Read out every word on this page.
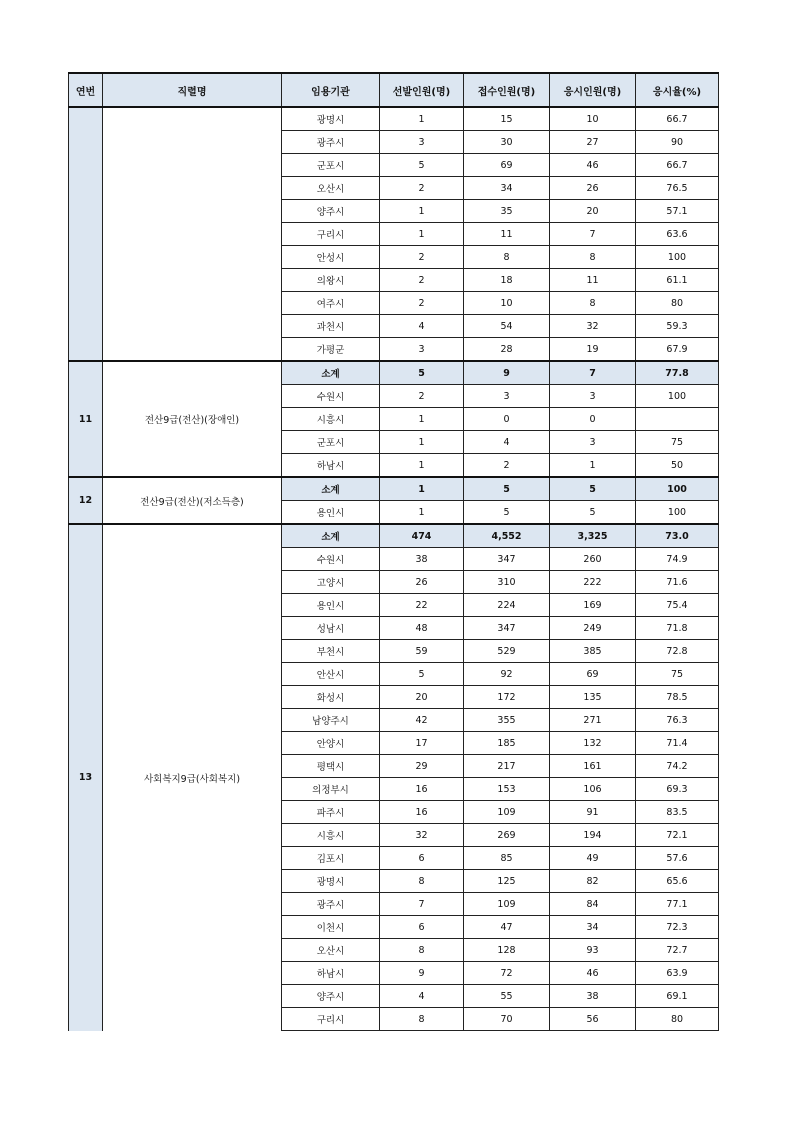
연번	직렬명	임용기관	선발인원(명)	접수인원(명)	응시인원(명)	응시율(%)
		광명시	1	15	10	66.7
		광주시	3	30	27	90
		군포시	5	69	46	66.7
		오산시	2	34	26	76.5
		양주시	1	35	20	57.1
		구리시	1	11	7	63.6
		안성시	2	8	8	100
		의왕시	2	18	11	61.1
		여주시	2	10	8	80
		과천시	4	54	32	59.3
		가평군	3	28	19	67.9
11	전산9급(전산)(장애인)	소계	5	9	7	77.8
		수원시	2	3	3	100
		시흥시	1	0	0	
		군포시	1	4	3	75
		하남시	1	2	1	50
12	전산9급(전산)(저소득층)	소계	1	5	5	100
		용인시	1	5	5	100
13	사회복지9급(사회복지)	소계	474	4,552	3,325	73.0
		수원시	38	347	260	74.9
		고양시	26	310	222	71.6
		용인시	22	224	169	75.4
		성남시	48	347	249	71.8
		부천시	59	529	385	72.8
		안산시	5	92	69	75
		화성시	20	172	135	78.5
		남양주시	42	355	271	76.3
		안양시	17	185	132	71.4
		평택시	29	217	161	74.2
		의정부시	16	153	106	69.3
		파주시	16	109	91	83.5
		시흥시	32	269	194	72.1
		김포시	6	85	49	57.6
		광명시	8	125	82	65.6
		광주시	7	109	84	77.1
		이천시	6	47	34	72.3
		오산시	8	128	93	72.7
		하남시	9	72	46	63.9
		양주시	4	55	38	69.1
		구리시	8	70	56	80
